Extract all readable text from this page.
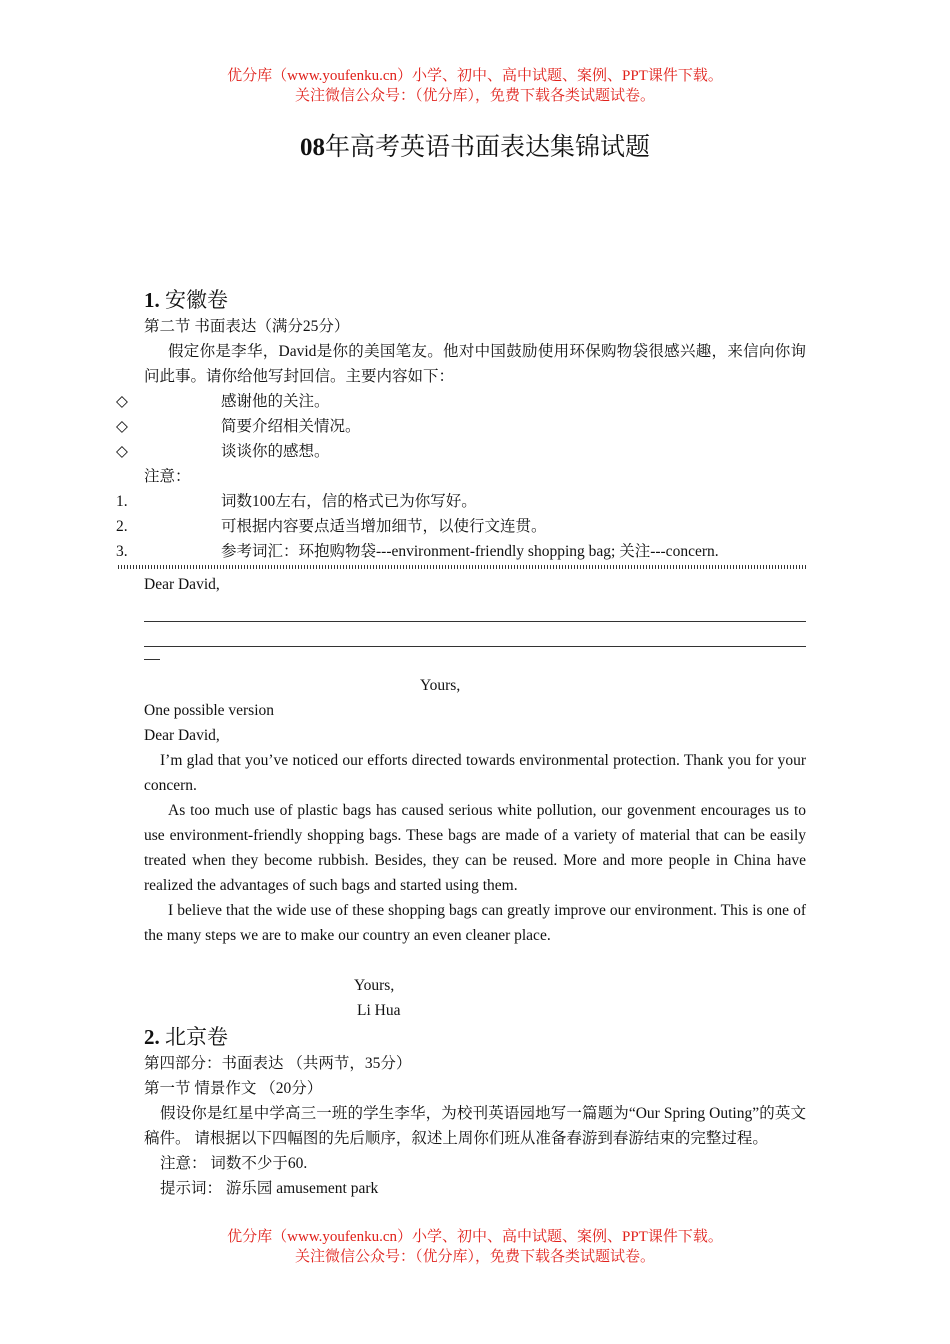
优分库（www.youfenku.cn）小学、初中、高中试题、案例、PPT课件下载。
关注微信公众号：（优分库），免费下载各类试题试卷。
08年高考英语书面表达集锦试题
1. 安徽卷
第二节 书面表达（满分25分）
假定你是李华，David是你的美国笔友。他对中国鼓励使用环保购物袋很感兴趣，来信向你询问此事。请你给他写封回信。主要内容如下：
◇	感谢他的关注。
◇	简要介绍相关情况。
◇	谈谈你的感想。
注意：
1.	词数100左右，信的格式已为你写好。
2.	可根据内容要点适当增加细节，以使行文连贯。
3.	参考词汇：环抱购物袋---environment-friendly shopping bag; 关注---concern.
Dear David,
Yours,
One possible version
Dear David,
I’m glad that you’ve noticed our efforts directed towards environmental protection. Thank you for your concern.
As too much use of plastic bags has caused serious white pollution, our govenment encourages us to use environment-friendly shopping bags. These bags are made of a variety of material that can be easily treated when they become rubbish. Besides, they can be reused. More and more people in China have realized the advantages of such bags and started using them.
I believe that the wide use of these shopping bags can greatly improve our environment. This is one of the many steps we are to make our country an even cleaner place.
Yours,
Li Hua
2. 北京卷
第四部分：书面表达 （共两节，35分）
第一节 情景作文 （20分）
假设你是红星中学高三一班的学生李华，为校刊英语园地写一篇题为“Our Spring Outing”的英文稿件。 请根据以下四幅图的先后顺序，叙述上周你们班从准备春游到春游结束的完整过程。
注意： 词数不少于60.
提示词： 游乐园 amusement park
优分库（www.youfenku.cn）小学、初中、高中试题、案例、PPT课件下载。
关注微信公众号：（优分库），免费下载各类试题试卷。
